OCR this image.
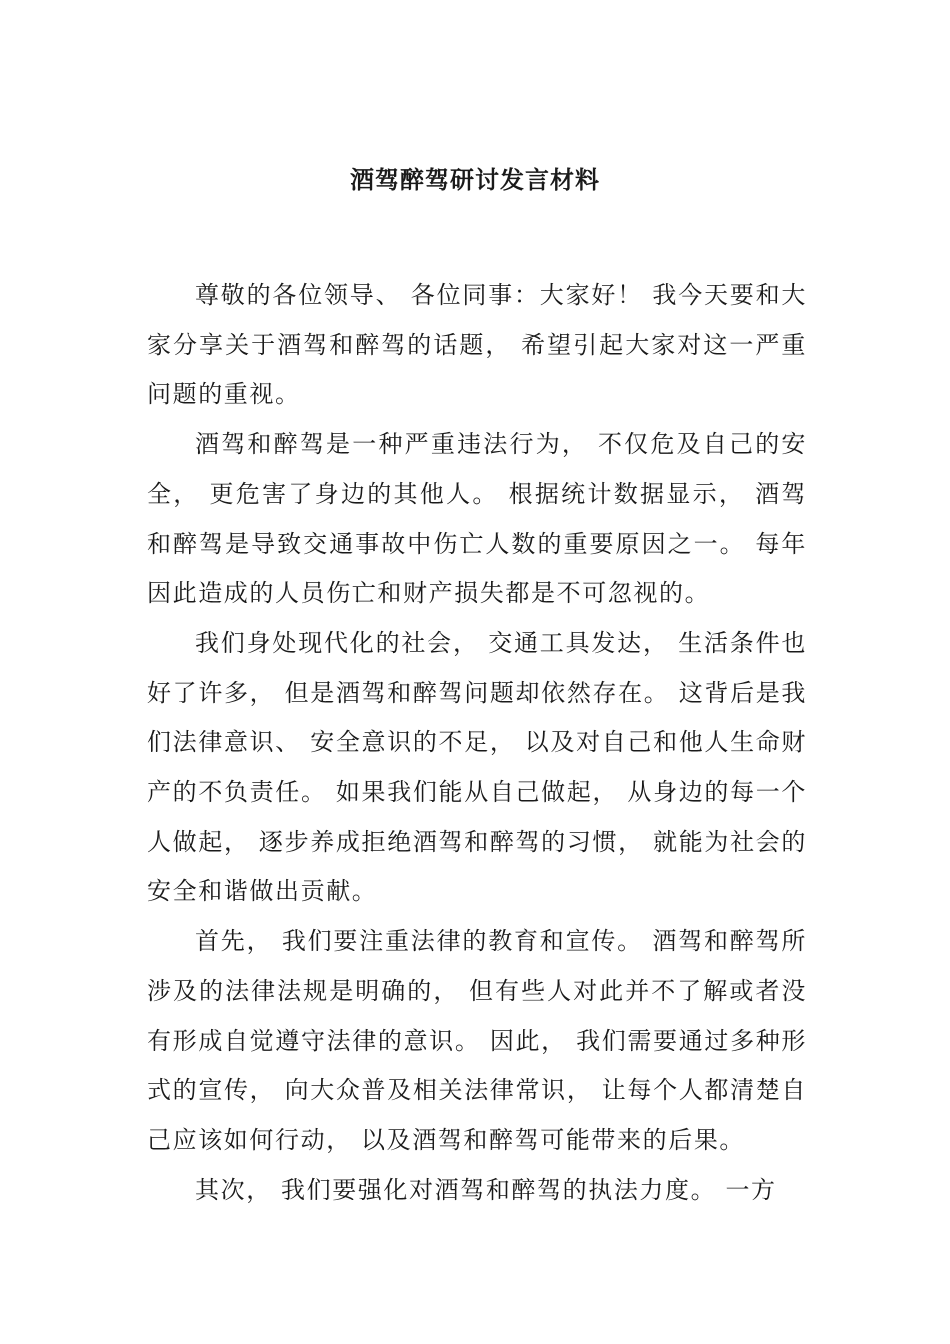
酒驾醉驾研讨发言材料

尊敬的各位领导、 各位同事：大家好！ 我今天要和大家分享关于酒驾和醉驾的话题， 希望引起大家对这一严重问题的重视。

酒驾和醉驾是一种严重违法行为， 不仅危及自己的安全， 更危害了身边的其他人。 根据统计数据显示， 酒驾和醉驾是导致交通事故中伤亡人数的重要原因之一。 每年因此造成的人员伤亡和财产损失都是不可忽视的。

我们身处现代化的社会， 交通工具发达， 生活条件也好了许多， 但是酒驾和醉驾问题却依然存在。 这背后是我们法律意识、 安全意识的不足， 以及对自己和他人生命财产的不负责任。 如果我们能从自己做起， 从身边的每一个人做起， 逐步养成拒绝酒驾和醉驾的习惯， 就能为社会的安全和谐做出贡献。

首先， 我们要注重法律的教育和宣传。 酒驾和醉驾所涉及的法律法规是明确的， 但有些人对此并不了解或者没有形成自觉遵守法律的意识。 因此， 我们需要通过多种形式的宣传， 向大众普及相关法律常识， 让每个人都清楚自己应该如何行动， 以及酒驾和醉驾可能带来的后果。

其次， 我们要强化对酒驾和醉驾的执法力度。 一方
